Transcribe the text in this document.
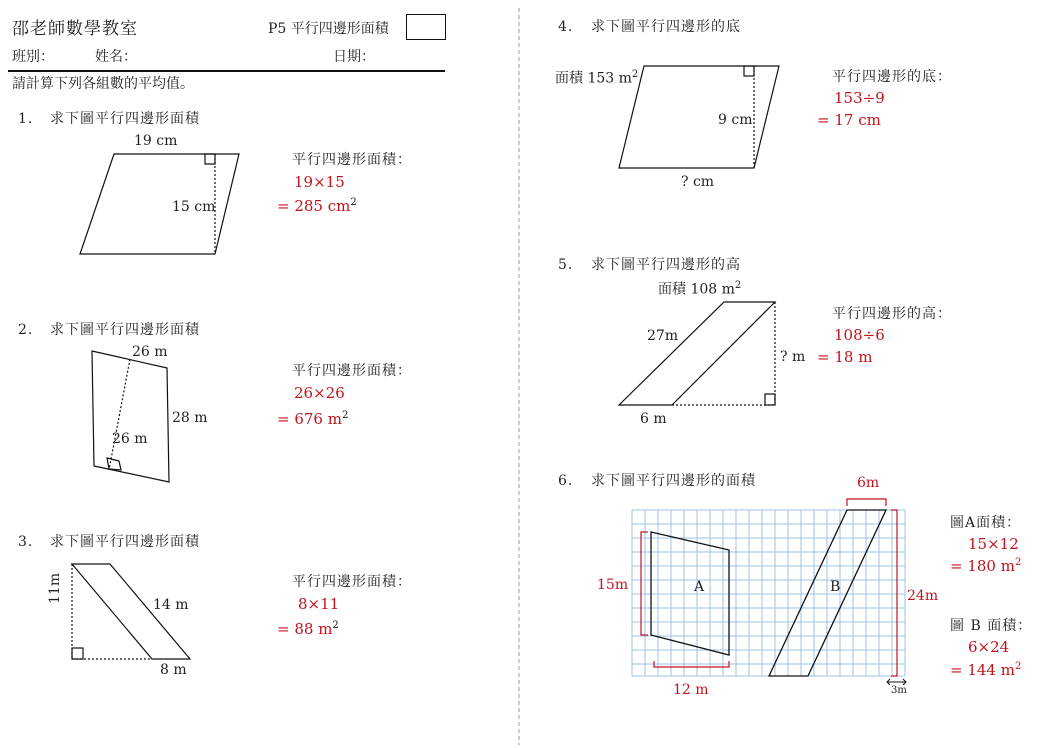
邵老師數學教室	P5 平行四邊形面積
班別：	姓名：	日期：
請計算下列各組數的平均值。
1. 求下圖平行四邊形面積
19 cm
15 cm
平行四邊形面積：
19×15
= 285 $cm^2$
2. 求下圖平行四邊形面積
26 m
28 m
26 m
平行四邊形面積：
26×26
= 676 $m^2$
3. 求下圖平行四邊形面積
11m
14 m
8 m
平行四邊形面積：
8×11
= 88 $m^2$
4. 求下圖平行四邊形的底
面積 153 $m^2$
9 cm
? cm
平行四邊形的底：
153÷9
= 17 cm
5. 求下圖平行四邊形的高
面積 108 $m^2$
27m
? m
6 m
平行四邊形的高：
108÷6
= 18 m
6. 求下圖平行四邊形的面積	6m
15m
24m
12 m	3m
A	B
圖A面積：
15×12
= 180 $m^2$
圖 B 面積：
6×24
= 144 $m^2$
